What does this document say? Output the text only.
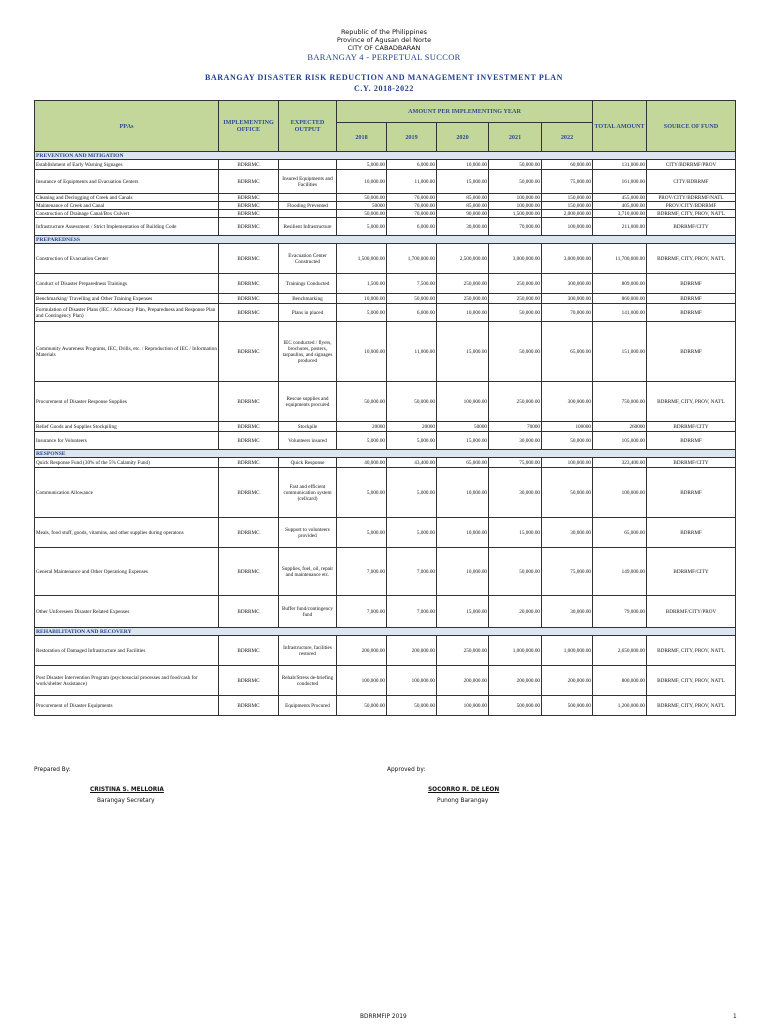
Republic of the Philippines
Province of Agusan del Norte
CITY OF CABADBARAN
BARANGAY 4 - PERPETUAL SUCCOR
BARANGAY DISASTER RISK REDUCTION AND MANAGEMENT INVESTMENT PLAN
C.Y. 2018-2022
PPAs	IMPLEMENTING OFFICE	EXPECTED OUTPUT	AMOUNT PER IMPLEMENTING YEAR					TOTAL AMOUNT	SOURCE OF FUND
			2018	2019	2020	2021	2022		
PREVENTION AND MITIGATION									
Establishment of Early Warning Signages	BDRRMC		5,000.00	6,000.00	10,000.00	50,000.00	60,000.00	131,000.00	CITY/BDRRMF/PROV
Insurance of Equipments and Evacuation Centers	BDRRMC	Insured Equipments and Facilities	10,000.00	11,000.00	15,000.00	50,000.00	75,000.00	161,000.00	CITY/BDRRMF
Cleaning and Declogging of Creek and Canals	BDRRMC		50,000.00	70,000.00	85,000.00	100,000.00	150,000.00	455,000.00	PROV/CITY/BDRRMF/NATL
Maintenance of Creek and Canal	BDRRMC	Flooding Prevented	50000	70,000.00	85,000.00	100,000.00	150,000.00	405,000.00	PROV/CITY/BDRRMF
Construction of Drainage Canal/Box Culvert	BDRRMC		50,000.00	70,000.00	90,000.00	1,500,000.00	2,000,000.00	3,710,000.00	BDRRMF, CITY, PROV, NAT'L
Infrastructure Assessment / Strict Implementation of Building Code	BDRRMC	Resilient Infrastructure	5,000.00	6,000.00	30,000.00	70,000.00	100,000.00	211,000.00	BDRRMF/CITY
PREPAREDNESS									
Construction of Evacuation Center	BDRRMC	Evacuation Center Constructed	1,500,000.00	1,700,000.00	2,500,000.00	3,000,000.00	3,000,000.00	11,700,000.00	BDRRMF, CITY, PROV, NAT'L
Conduct of Disaster Preparedness Trainings	BDRRMC	Trainings Conducted	1,500.00	7,500.00	250,000.00	250,000.00	300,000.00	809,000.00	BDRRMF
Benchmarking/ Travelling and Other Training Expenses	BDRRMC	Benchmarking	10,000.00	50,000.00	250,000.00	250,000.00	300,000.00	860,000.00	BDRRMF
Formulation of Disaster Plans (IEC / Advocacy Plan, Preparedness and Response Plan and Contingency Plan)	BDRRMC	Plans in placed	5,000.00	6,000.00	10,000.00	50,000.00	70,000.00	141,000.00	BDRRMF
Community Awareness Programs, IEC, Drills, etc. / Reproduction of IEC / Information Materials	BDRRMC	IEC conducted / flyers, brochures, posters, tarpaulins, and signages produced	10,000.00	11,000.00	15,000.00	50,000.00	65,000.00	151,000.00	BDRRMF
Procurement of Disaster Response Supplies	BDRRMC	Rescue supplies and equipments procured	50,000.00	50,000.00	100,000.00	250,000.00	300,000.00	750,000.00	BDRRMF, CITY, PROV, NAT'L
Relief Goods and Supplies Stockpiling	BDRRMC	Stockpile	20000	20000	50000	70000	100000	260000	BDRRMF/CITY
Insurance for Volunteers	BDRRMC	Volunteers insured	5,000.00	5,000.00	15,000.00	30,000.00	50,000.00	105,000.00	BDRRMF
RESPONSE									
Quick Response Fund (30% of the 5% Calamity Fund)	BDRRMC	Quick Response	40,000.00	43,400.00	65,000.00	75,000.00	100,000.00	323,400.00	BDRRMF/CITY
Communication Allowance	BDRRMC	Fast and efficient communication system (cellcard)	5,000.00	5,000.00	10,000.00	30,000.00	50,000.00	100,000.00	BDRRMF
Meals, food stuff, goods, vitamins, and other supplies during operatons	BDRRMC	Support to volunteers provided	5,000.00	5,000.00	10,000.00	15,000.00	30,000.00	65,000.00	BDRRMF
General Maintenance and Other Operationg Expenses	BDRRMC	Supplies, fuel, oil, repair and maintenance etc.	7,000.00	7,000.00	10,000.00	50,000.00	75,000.00	149,000.00	BDRRMF/CITY
Other Unforeseen Disaster Related Expenses	BDRRMC	Buffer fund/contingency fund	7,000.00	7,000.00	15,000.00	20,000.00	30,000.00	79,000.00	BDRRMF/CITY/PROV
REHABILITATION AND RECOVERY									
Restoration of Damaged Infrastructure and Facilities	BDRRMC	Infrastructure, facilities restored	200,000.00	200,000.00	250,000.00	1,000,000.00	1,000,000.00	2,650,000.00	BDRRMF, CITY, PROV, NAT'L
Post Disaster Intervention Program (psychosocial processes and food/cash for work/shelter Assistance)	BDRRMC	Rehab/Stress de-briefing conducted	100,000.00	100,000.00	200,000.00	200,000.00	200,000.00	800,000.00	BDRRMF, CITY, PROV, NAT'L
Procurement of Disaster Equipments	BDRRMC	Equipments Procured	50,000.00	50,000.00	100,000.00	500,000.00	500,000.00	1,200,000.00	BDRRMF, CITY, PROV, NAT'L
Prepared By:
CRISTINA S. MELLORIA
Barangay Secretary
Approved by:
SOCORRO R. DE LEON
Punong Barangay
BDRRMFIP 2019	1
